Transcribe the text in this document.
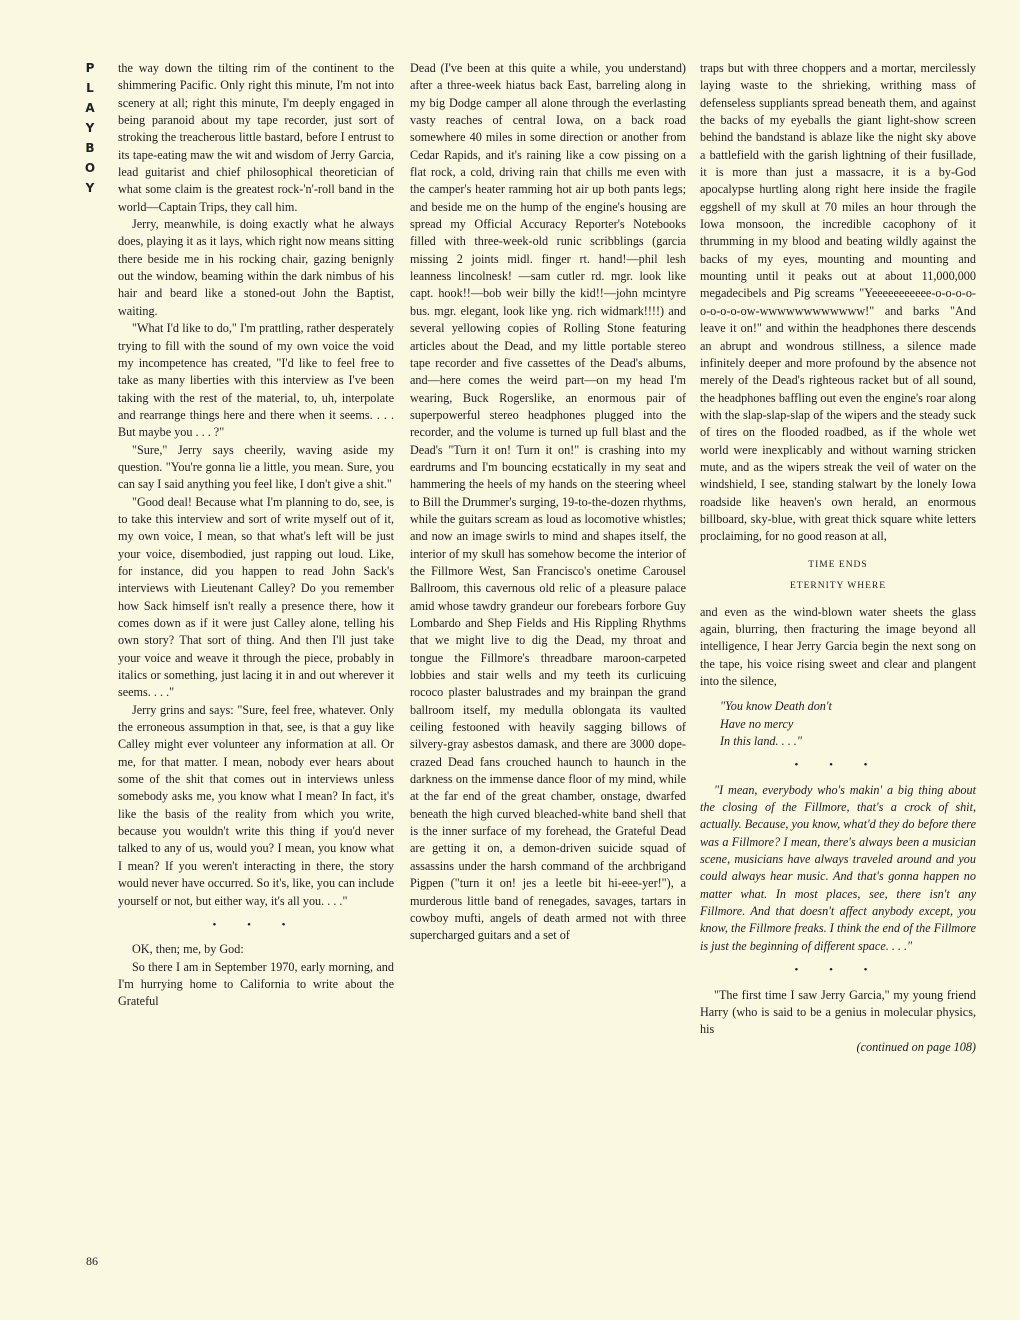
P
L
A
Y
B
O
Y

the way down the tilting rim of the continent to the shimmering Pacific. Only right this minute, I'm not into scenery at all; right this minute, I'm deeply engaged in being paranoid about my tape recorder, just sort of stroking the treacherous little bastard, before I entrust to its tape-eating maw the wit and wisdom of Jerry Garcia, lead guitarist and chief philosophical theoretician of what some claim is the greatest rock-'n'-roll band in the world—Captain Trips, they call him.

Jerry, meanwhile, is doing exactly what he always does, playing it as it lays, which right now means sitting there beside me in his rocking chair, gazing benignly out the window, beaming within the dark nimbus of his hair and beard like a stoned-out John the Baptist, waiting.

"What I'd like to do," I'm prattling, rather desperately trying to fill with the sound of my own voice the void my incompetence has created, "I'd like to feel free to take as many liberties with this interview as I've been taking with the rest of the material, to, uh, interpolate and rearrange things here and there when it seems. . . . But maybe you . . . ?"

"Sure," Jerry says cheerily, waving aside my question. "You're gonna lie a little, you mean. Sure, you can say I said anything you feel like, I don't give a shit."

"Good deal! Because what I'm planning to do, see, is to take this interview and sort of write myself out of it, my own voice, I mean, so that what's left will be just your voice, disembodied, just rapping out loud. Like, for instance, did you happen to read John Sack's interviews with Lieutenant Calley? Do you remember how Sack himself isn't really a presence there, how it comes down as if it were just Calley alone, telling his own story? That sort of thing. And then I'll just take your voice and weave it through the piece, probably in italics or something, just lacing it in and out wherever it seems. . . ."

Jerry grins and says: "Sure, feel free, whatever. Only the erroneous assumption in that, see, is that a guy like Calley might ever volunteer any information at all. Or me, for that matter. I mean, nobody ever hears about some of the shit that comes out in interviews unless somebody asks me, you know what I mean? In fact, it's like the basis of the reality from which you write, because you wouldn't write this thing if you'd never talked to any of us, would you? I mean, you know what I mean? If you weren't interacting in there, the story would never have occurred. So it's, like, you can include yourself or not, but either way, it's all you. . . ."

• • •

OK, then; me, by God:

So there I am in September 1970, early morning, and I'm hurrying home to California to write about the Grateful

Dead (I've been at this quite a while, you understand) after a three-week hiatus back East, barreling along in my big Dodge camper all alone through the everlasting vasty reaches of central Iowa, on a back road somewhere 40 miles in some direction or another from Cedar Rapids, and it's raining like a cow pissing on a flat rock, a cold, driving rain that chills me even with the camper's heater ramming hot air up both pants legs; and beside me on the hump of the engine's housing are spread my Official Accuracy Reporter's Notebooks filled with three-week-old runic scribblings (garcia missing 2 joints midl. finger rt. hand!—phil lesh leanness lincolnesk! —sam cutler rd. mgr. look like capt. hook!!—bob weir billy the kid!!—john mcintyre bus. mgr. elegant, look like yng. rich widmark!!!!) and several yellowing copies of Rolling Stone featuring articles about the Dead, and my little portable stereo tape recorder and five cassettes of the Dead's albums, and—here comes the weird part—on my head I'm wearing, Buck Rogerslike, an enormous pair of superpowerful stereo headphones plugged into the recorder, and the volume is turned up full blast and the Dead's "Turn it on! Turn it on!" is crashing into my eardrums and I'm bouncing ecstatically in my seat and hammering the heels of my hands on the steering wheel to Bill the Drummer's surging, 19-to-the-dozen rhythms, while the guitars scream as loud as locomotive whistles; and now an image swirls to mind and shapes itself, the interior of my skull has somehow become the interior of the Fillmore West, San Francisco's onetime Carousel Ballroom, this cavernous old relic of a pleasure palace amid whose tawdry grandeur our forebears forbore Guy Lombardo and Shep Fields and His Rippling Rhythms that we might live to dig the Dead, my throat and tongue the Fillmore's threadbare maroon-carpeted lobbies and stair wells and my teeth its curlicuing rococo plaster balustrades and my brainpan the grand ballroom itself, my medulla oblongata its vaulted ceiling festooned with heavily sagging billows of silvery-gray asbestos damask, and there are 3000 dope-crazed Dead fans crouched haunch to haunch in the darkness on the immense dance floor of my mind, while at the far end of the great chamber, onstage, dwarfed beneath the high curved bleached-white band shell that is the inner surface of my forehead, the Grateful Dead are getting it on, a demon-driven suicide squad of assassins under the harsh command of the archbrigand Pigpen ("turn it on! jes a leetle bit hi-eee-yer!"), a murderous little band of renegades, savages, tartars in cowboy mufti, angels of death armed not with three supercharged guitars and a set of

traps but with three choppers and a mortar, mercilessly laying waste to the shrieking, writhing mass of defenseless suppliants spread beneath them, and against the backs of my eyeballs the giant light-show screen behind the bandstand is ablaze like the night sky above a battlefield with the garish lightning of their fusillade, it is more than just a massacre, it is a by-God apocalypse hurtling along right here inside the fragile eggshell of my skull at 70 miles an hour through the Iowa monsoon, the incredible cacophony of it thrumming in my blood and beating wildly against the backs of my eyes, mounting and mounting and mounting until it peaks out at about 11,000,000 megadecibels and Pig screams "Yeeeeeeeeeee-o-o-o-o-o-o-o-o-ow-wwwwwwwwwwww!" and barks "And leave it on!" and within the headphones there descends an abrupt and wondrous stillness, a silence made infinitely deeper and more profound by the absence not merely of the Dead's righteous racket but of all sound, the headphones baffling out even the engine's roar along with the slap-slap-slap of the wipers and the steady suck of tires on the flooded roadbed, as if the whole wet world were inexplicably and without warning stricken mute, and as the wipers streak the veil of water on the windshield, I see, standing stalwart by the lonely Iowa roadside like heaven's own herald, an enormous billboard, sky-blue, with great thick square white letters proclaiming, for no good reason at all,

TIME ENDS
ETERNITY WHERE

and even as the wind-blown water sheets the glass again, blurring, then fracturing the image beyond all intelligence, I hear Jerry Garcia begin the next song on the tape, his voice rising sweet and clear and plangent into the silence,

"You know Death don't
Have no mercy
In this land. . . ."
• • •

"I mean, everybody who's makin' a big thing about the closing of the Fillmore, that's a crock of shit, actually. Because, you know, what'd they do before there was a Fillmore? I mean, there's always been a musician scene, musicians have always traveled around and you could always hear music. And that's gonna happen no matter what. In most places, see, there isn't any Fillmore. And that doesn't affect anybody except, you know, the Fillmore freaks. I think the end of the Fillmore is just the beginning of different space. . . ."

• • •

"The first time I saw Jerry Garcia," my young friend Harry (who is said to be a genius in molecular physics, his

(continued on page 108)
86
